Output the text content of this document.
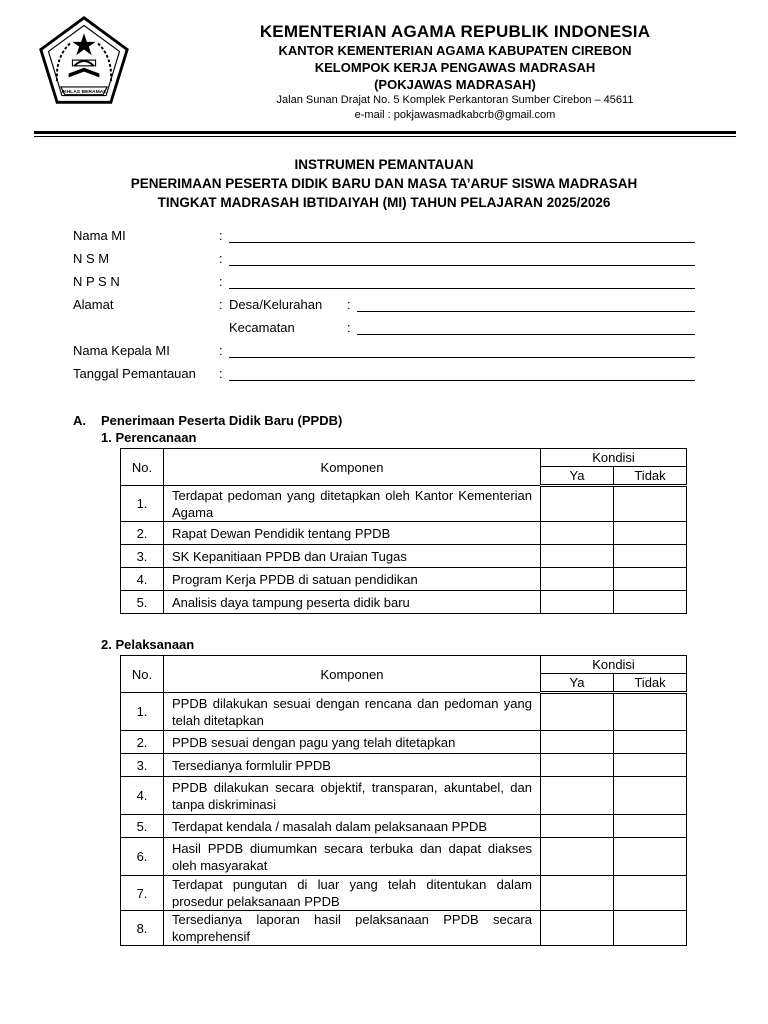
IKHLAS BERAMAL
KEMENTERIAN AGAMA REPUBLIK INDONESIA
KANTOR KEMENTERIAN AGAMA KABUPATEN CIREBON
KELOMPOK KERJA PENGAWAS MADRASAH
(POKJAWAS MADRASAH)
Jalan Sunan Drajat No. 5 Komplek Perkantoran Sumber Cirebon – 45611
e-mail : pokjawasmadkabcrb@gmail.com
INSTRUMEN PEMANTAUAN
PENERIMAAN PESERTA DIDIK BARU DAN MASA TA’ARUF SISWA MADRASAH
TINGKAT MADRASAH IBTIDAIYAH (MI) TAHUN PELAJARAN 2025/2026
Nama MI	:
N S M	:
N P S N	:
Alamat	: Desa/Kelurahan :
Kecamatan	:
Nama Kepala MI	:
Tanggal Pemantauan :
A. Penerimaan Peserta Didik Baru (PPDB)
1. Perencanaan
No.	Komponen	Kondisi	
		Ya	Tidak
1.	Terdapat pedoman yang ditetapkan oleh Kantor Kementerian Agama		
2.	Rapat Dewan Pendidik tentang PPDB		
3.	SK Kepanitiaan PPDB dan Uraian Tugas		
4.	Program Kerja PPDB di satuan pendidikan		
5.	Analisis daya tampung peserta didik baru		
2. Pelaksanaan
No.	Komponen	Kondisi	
		Ya	Tidak
1.	PPDB dilakukan sesuai dengan rencana dan pedoman yang telah ditetapkan		
2.	PPDB sesuai dengan pagu yang telah ditetapkan		
3.	Tersedianya formlulir PPDB		
4.	PPDB dilakukan secara objektif, transparan, akuntabel, dan tanpa diskriminasi		
5.	Terdapat kendala / masalah dalam pelaksanaan PPDB		
6.	Hasil PPDB diumumkan secara terbuka dan dapat diakses oleh masyarakat		
7.	Terdapat pungutan di luar yang telah ditentukan dalam prosedur pelaksanaan PPDB		
8.	Tersedianya laporan hasil pelaksanaan PPDB secara komprehensif		
